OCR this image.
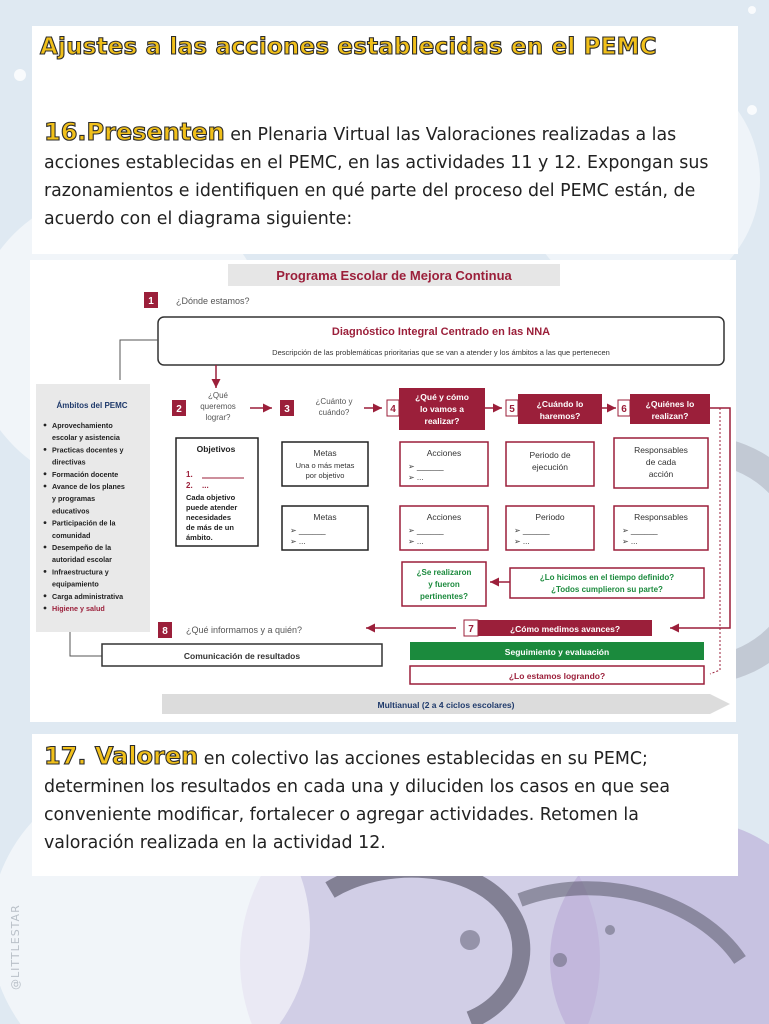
Ajustes a las acciones establecidas en el PEMC

16.Presenten en Plenaria Virtual las Valoraciones realizadas a las acciones establecidas en el PEMC, en las actividades 11 y 12. Expongan sus razonamientos e identifiquen en qué parte del proceso del PEMC están, de acuerdo con el diagrama siguiente:

Programa Escolar de Mejora Continua
1 ¿Dónde estamos?
Diagnóstico Integral Centrado en las NNA
Descripción de las problemáticas prioritarias que se van a atender y los ámbitos a las que pertenecen
Ámbitos del PEMC
Aprovechamiento
escolar y asistencia
Practicas docentes y
directivas
Formación docente
Avance de los planes
y programas
educativos
Participación de la
comunidad
Desempeño de la
autoridad escolar
Infraestructura y
equipamiento
Carga administrativa
Higiene y salud
2
¿Qué
queremos
lograr?
3
¿Cuánto y
cuándo?	4
¿Qué y cómo
lo vamos a
realizar?
5	¿Cuándo lo
haremos?
6 ¿Quiénes lo
realizan?
Objetivos
1.
2. ...
Cada objetivo
puede atender
necesidades
de más de un
ámbito.
Metas
Una o más metas
por objetivo
Acciones
➢ ______
➢ ...
Periodo de
ejecución
Responsables
de cada
acción
Metas
➢ ______
➢ ...
Acciones
➢ ______
➢ ...
Periodo
➢ ______
➢ ...
Responsables
➢ ______
➢ ...
¿Se realizaron
y fueron
pertinentes?
¿Lo hicimos en el tiempo definido?
¿Todos cumplieron su parte?
7	¿Cómo medimos avances?
8 ¿Qué informamos y a quién?
Comunicación de resultados	Seguimiento y evaluación
¿Lo estamos logrando?
Multianual (2 a 4 ciclos escolares)

17. Valoren en colectivo las acciones establecidas en su PEMC; determinen los resultados en cada una y diluciden los casos en que sea conveniente modificar, fortalecer o agregar actividades. Retomen la valoración realizada en la actividad 12.

@LITTLESTAR
